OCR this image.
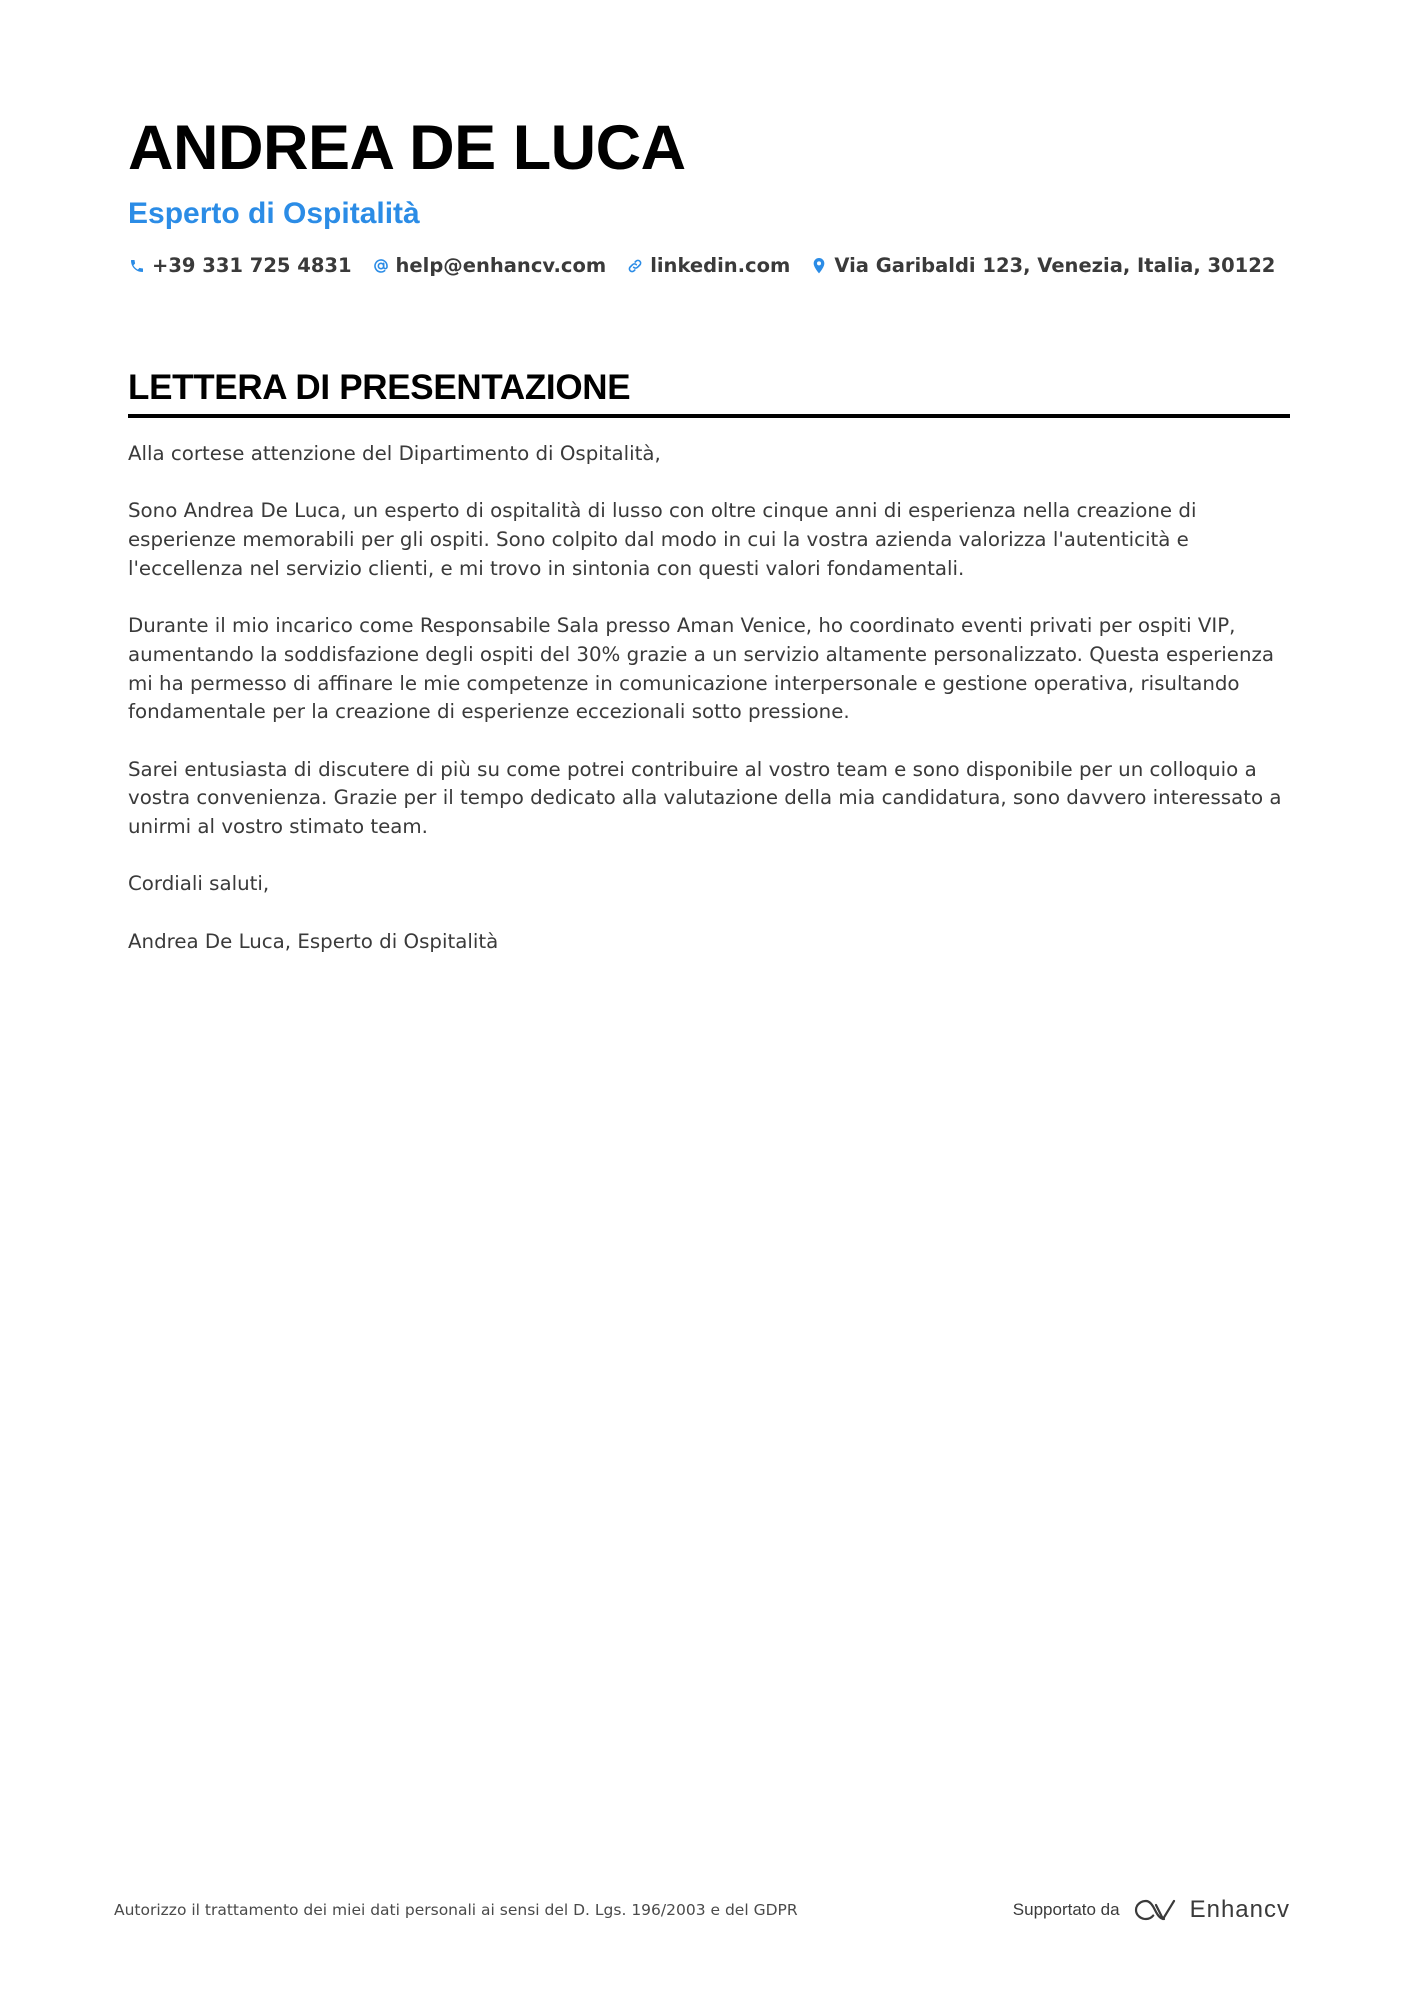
ANDREA DE LUCA
Esperto di Ospitalità
+39 331 725 4831 help@enhancv.com linkedin.com Via Garibaldi 123, Venezia, Italia, 30122
LETTERA DI PRESENTAZIONE

Alla cortese attenzione del Dipartimento di Ospitalità,

Sono Andrea De Luca, un esperto di ospitalità di lusso con oltre cinque anni di esperienza nella creazione di esperienze memorabili per gli ospiti. Sono colpito dal modo in cui la vostra azienda valorizza l'autenticità e l'eccellenza nel servizio clienti, e mi trovo in sintonia con questi valori fondamentali.

Durante il mio incarico come Responsabile Sala presso Aman Venice, ho coordinato eventi privati per ospiti VIP, aumentando la soddisfazione degli ospiti del 30% grazie a un servizio altamente personalizzato. Questa esperienza mi ha permesso di affinare le mie competenze in comunicazione interpersonale e gestione operativa, risultando fondamentale per la creazione di esperienze eccezionali sotto pressione.

Sarei entusiasta di discutere di più su come potrei contribuire al vostro team e sono disponibile per un colloquio a vostra convenienza. Grazie per il tempo dedicato alla valutazione della mia candidatura, sono davvero interessato a unirmi al vostro stimato team.

Cordiali saluti,

Andrea De Luca, Esperto di Ospitalità

Autorizzo il trattamento dei miei dati personali ai sensi del D. Lgs. 196/2003 e del GDPR	Supportato da	Enhancv
